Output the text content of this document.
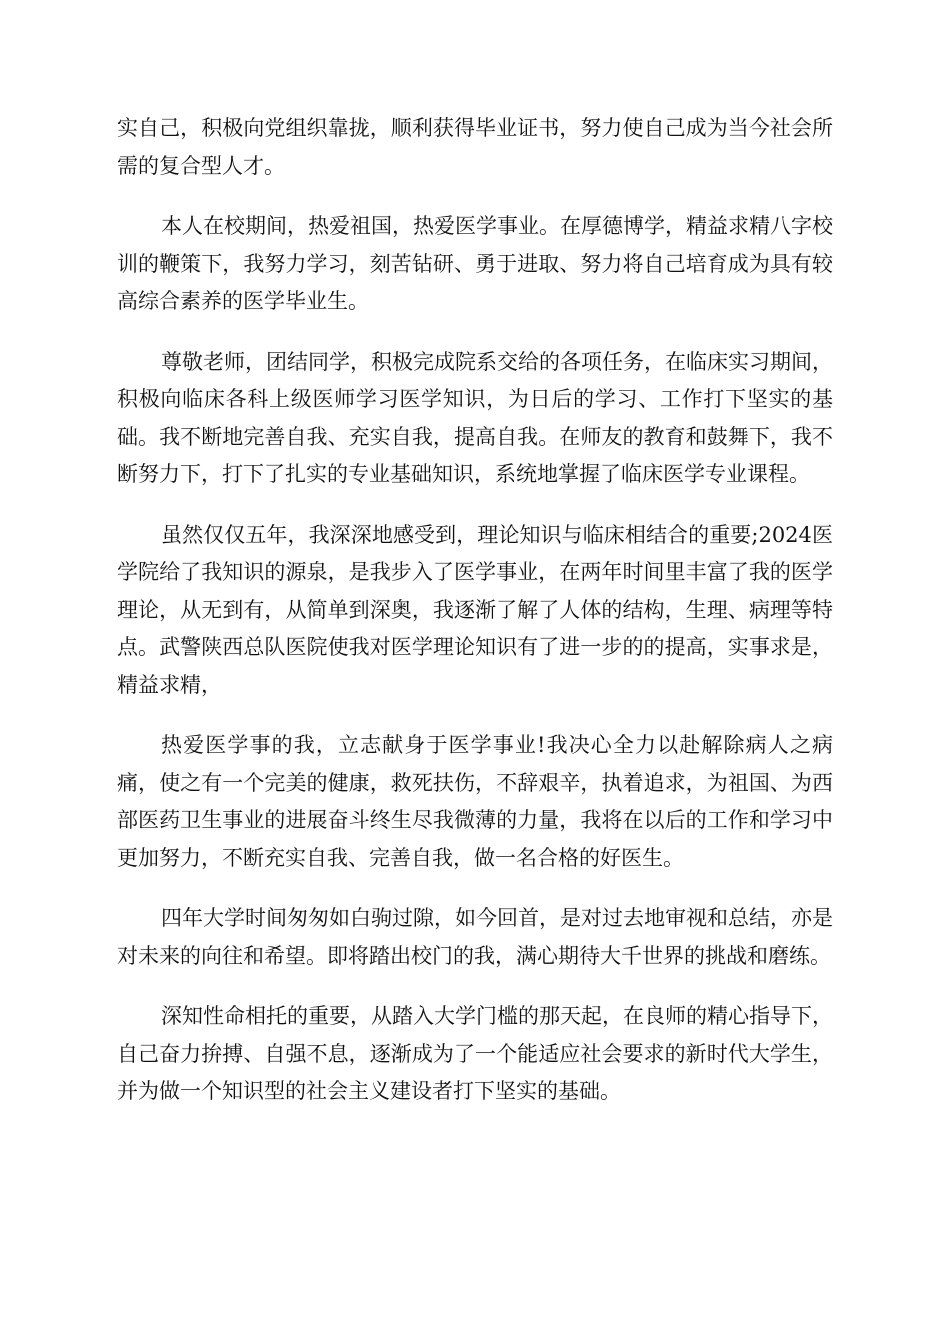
实自己，积极向党组织靠拢，顺利获得毕业证书，努力使自己成为当今社会所需的复合型人才。

本人在校期间，热爱祖国，热爱医学事业。在厚德博学，精益求精八字校训的鞭策下，我努力学习，刻苦钻研、勇于进取、努力将自己培育成为具有较高综合素养的医学毕业生。

尊敬老师，团结同学，积极完成院系交给的各项任务，在临床实习期间，积极向临床各科上级医师学习医学知识，为日后的学习、工作打下坚实的基础。我不断地完善自我、充实自我，提高自我。在师友的教育和鼓舞下，我不断努力下，打下了扎实的专业基础知识，系统地掌握了临床医学专业课程。

虽然仅仅五年，我深深地感受到，理论知识与临床相结合的重要;2024医学院给了我知识的源泉，是我步入了医学事业，在两年时间里丰富了我的医学理论，从无到有，从简单到深奥，我逐渐了解了人体的结构，生理、病理等特点。武警陕西总队医院使我对医学理论知识有了进一步的的提高，实事求是，精益求精，

热爱医学事的我，立志献身于医学事业!我决心全力以赴解除病人之病痛，使之有一个完美的健康，救死扶伤，不辞艰辛，执着追求，为祖国、为西部医药卫生事业的进展奋斗终生尽我微薄的力量，我将在以后的工作和学习中更加努力，不断充实自我、完善自我，做一名合格的好医生。

四年大学时间匆匆如白驹过隙，如今回首，是对过去地审视和总结，亦是对未来的向往和希望。即将踏出校门的我，满心期待大千世界的挑战和磨练。

深知性命相托的重要，从踏入大学门槛的那天起，在良师的精心指导下，自己奋力拚搏、自强不息，逐渐成为了一个能适应社会要求的新时代大学生，并为做一个知识型的社会主义建设者打下坚实的基础。
